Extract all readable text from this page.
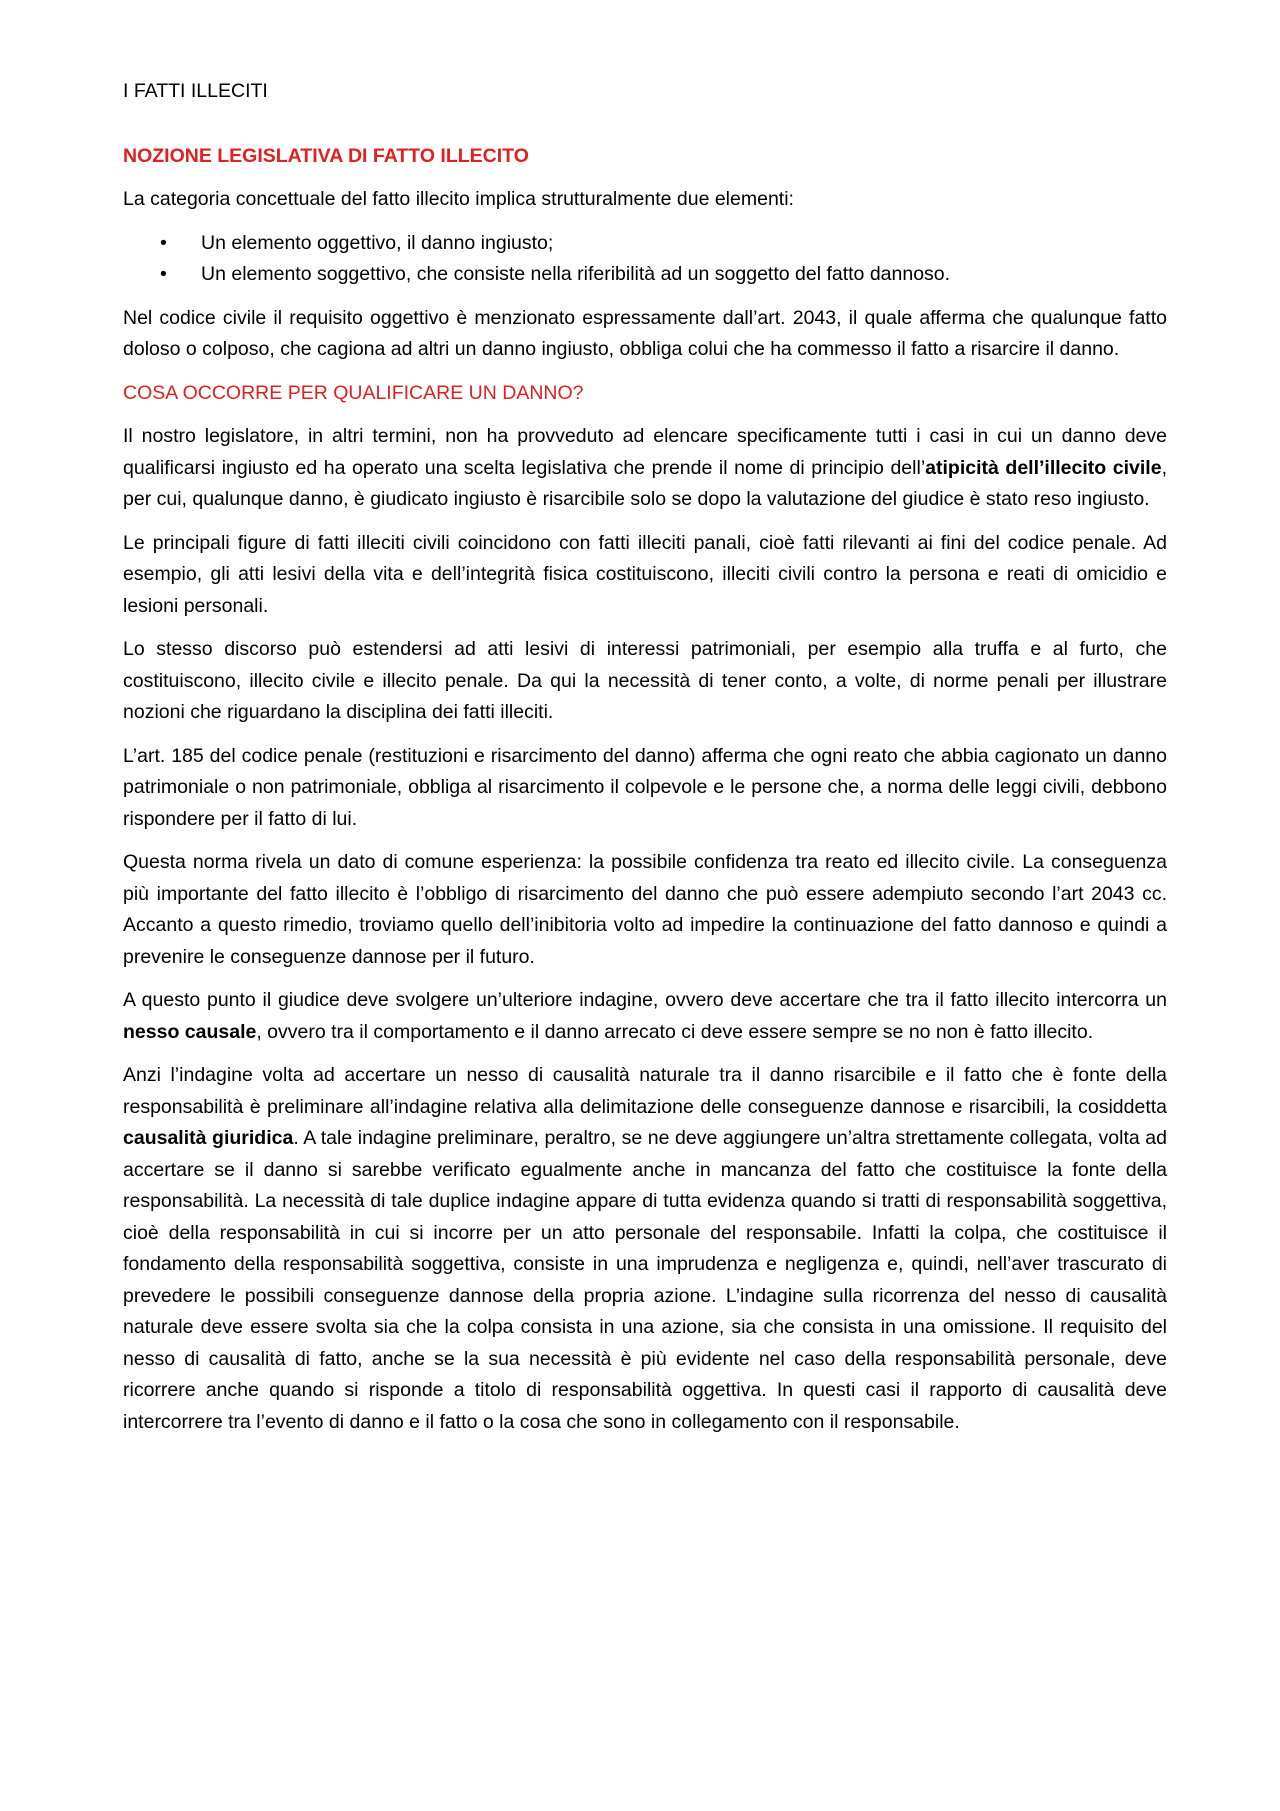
I FATTI ILLECITI
NOZIONE LEGISLATIVA DI FATTO ILLECITO

La categoria concettuale del fatto illecito implica strutturalmente due elementi:

• Un elemento oggettivo, il danno ingiusto;
• Un elemento soggettivo, che consiste nella riferibilità ad un soggetto del fatto dannoso.

Nel codice civile il requisito oggettivo è menzionato espressamente dall’art. 2043, il quale afferma che qualunque fatto doloso o colposo, che cagiona ad altri un danno ingiusto, obbliga colui che ha commesso il fatto a risarcire il danno.

COSA OCCORRE PER QUALIFICARE UN DANNO?

Il nostro legislatore, in altri termini, non ha provveduto ad elencare specificamente tutti i casi in cui un danno deve qualificarsi ingiusto ed ha operato una scelta legislativa che prende il nome di principio dell’atipicità dell’illecito civile, per cui, qualunque danno, è giudicato ingiusto è risarcibile solo se dopo la valutazione del giudice è stato reso ingiusto.

Le principali figure di fatti illeciti civili coincidono con fatti illeciti panali, cioè fatti rilevanti ai fini del codice penale. Ad esempio, gli atti lesivi della vita e dell’integrità fisica costituiscono, illeciti civili contro la persona e reati di omicidio e lesioni personali.

Lo stesso discorso può estendersi ad atti lesivi di interessi patrimoniali, per esempio alla truffa e al furto, che costituiscono, illecito civile e illecito penale. Da qui la necessità di tener conto, a volte, di norme penali per illustrare nozioni che riguardano la disciplina dei fatti illeciti.

L’art. 185 del codice penale (restituzioni e risarcimento del danno) afferma che ogni reato che abbia cagionato un danno patrimoniale o non patrimoniale, obbliga al risarcimento il colpevole e le persone che, a norma delle leggi civili, debbono rispondere per il fatto di lui.

Questa norma rivela un dato di comune esperienza: la possibile confidenza tra reato ed illecito civile. La conseguenza più importante del fatto illecito è l’obbligo di risarcimento del danno che può essere adempiuto secondo l’art 2043 cc. Accanto a questo rimedio, troviamo quello dell’inibitoria volto ad impedire la continuazione del fatto dannoso e quindi a prevenire le conseguenze dannose per il futuro.

A questo punto il giudice deve svolgere un’ulteriore indagine, ovvero deve accertare che tra il fatto illecito intercorra un nesso causale, ovvero tra il comportamento e il danno arrecato ci deve essere sempre se no non è fatto illecito.

Anzi l’indagine volta ad accertare un nesso di causalità naturale tra il danno risarcibile e il fatto che è fonte della responsabilità è preliminare all’indagine relativa alla delimitazione delle conseguenze dannose e risarcibili, la cosiddetta causalità giuridica. A tale indagine preliminare, peraltro, se ne deve aggiungere un’altra strettamente collegata, volta ad accertare se il danno si sarebbe verificato egualmente anche in mancanza del fatto che costituisce la fonte della responsabilità. La necessità di tale duplice indagine appare di tutta evidenza quando si tratti di responsabilità soggettiva, cioè della responsabilità in cui si incorre per un atto personale del responsabile. Infatti la colpa, che costituisce il fondamento della responsabilità soggettiva, consiste in una imprudenza e negligenza e, quindi, nell’aver trascurato di prevedere le possibili conseguenze dannose della propria azione. L’indagine sulla ricorrenza del nesso di causalità naturale deve essere svolta sia che la colpa consista in una azione, sia che consista in una omissione. Il requisito del nesso di causalità di fatto, anche se la sua necessità è più evidente nel caso della responsabilità personale, deve ricorrere anche quando si risponde a titolo di responsabilità oggettiva. In questi casi il rapporto di causalità deve intercorrere tra l’evento di danno e il fatto o la cosa che sono in collegamento con il responsabile.
